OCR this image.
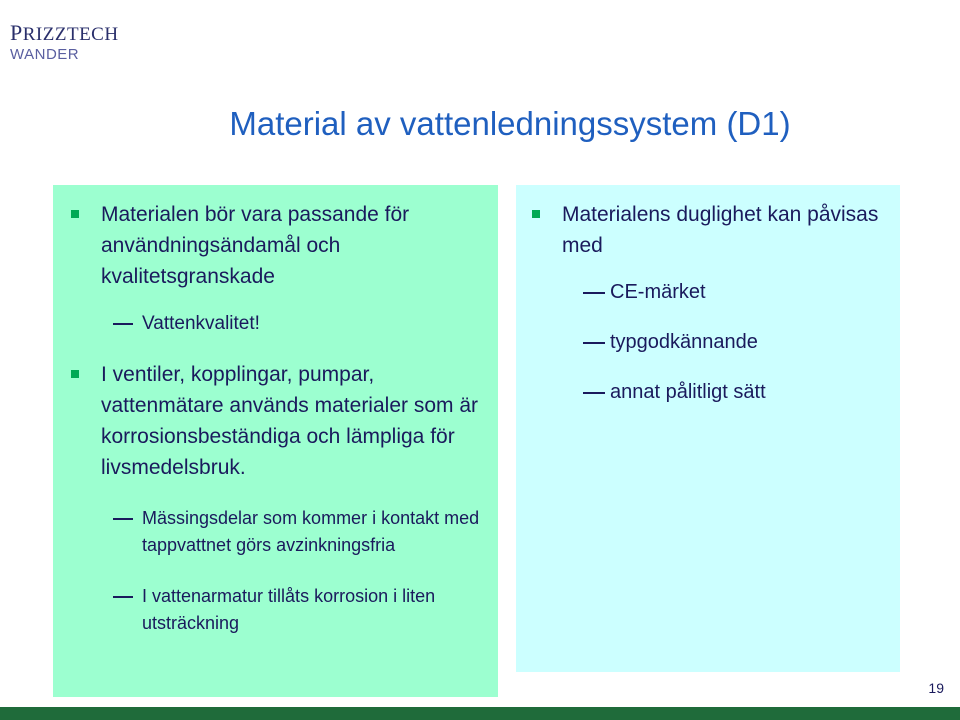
PRIZZTECH
WANDER
Material av vattenledningssystem (D1)
Materialen bör vara passande för användningsändamål och kvalitetsgranskade
Vattenkvalitet!
I ventiler, kopplingar, pumpar, vattenmätare används materialer som är korrosionsbeständiga och lämpliga för livsmedelsbruk.
Mässingsdelar som kommer i kontakt med tappvattnet görs avzinkningsfria
I vattenarmatur tillåts korrosion i liten utsträckning
Materialens duglighet kan påvisas med
CE-märket
typgodkännande
annat pålitligt sätt
19
